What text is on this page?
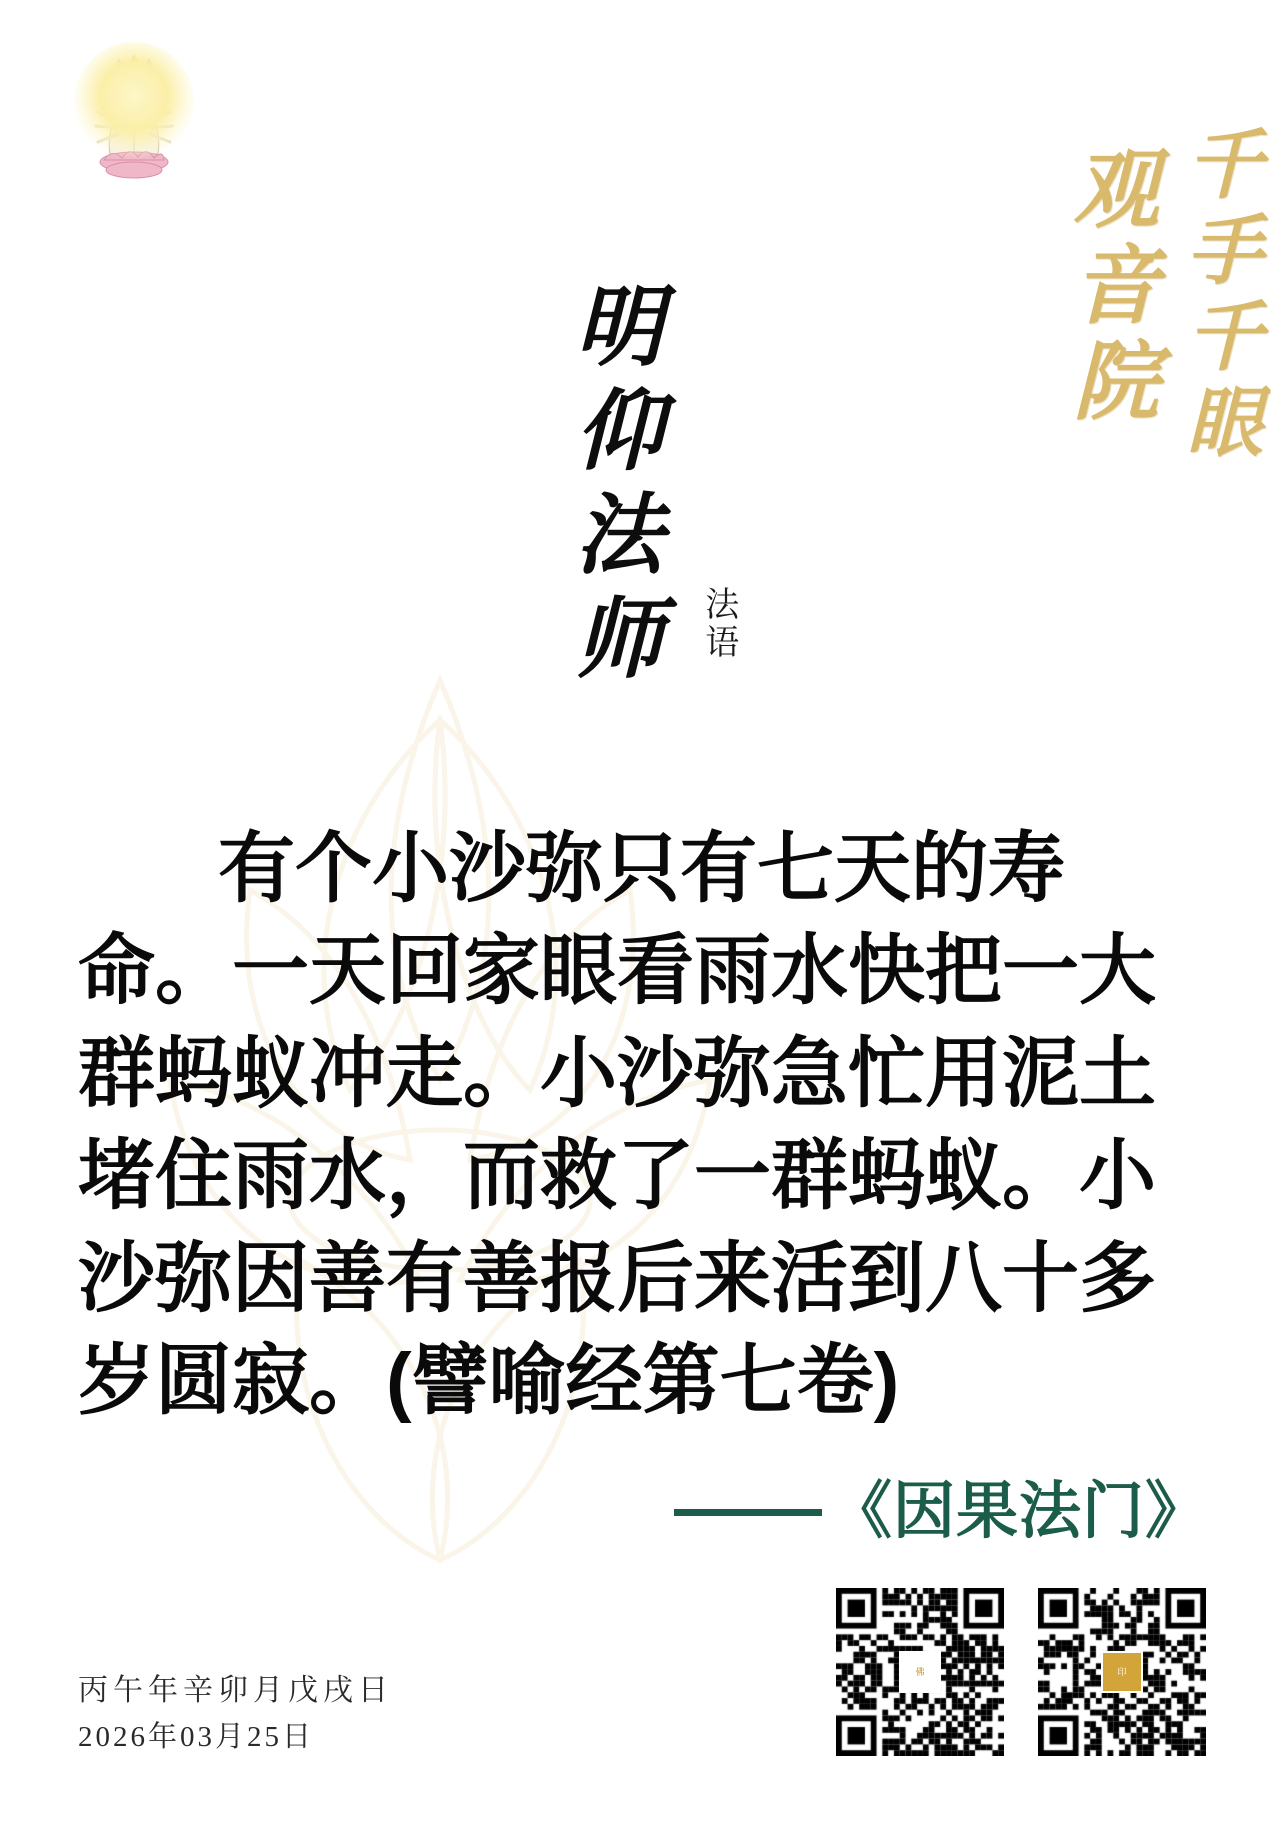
千手千眼
观音院
明仰法师 法语
有个小沙弥只有七天的寿命。一天回家眼看雨水快把一大群蚂蚁冲走。小沙弥急忙用泥土堵住雨水，而救了一群蚂蚁。小沙弥因善有善报后来活到八十多岁圆寂。(譬喻经第七卷)
《因果法门》
佛	印
丙午年辛卯月戊戌日
2026年03月25日
